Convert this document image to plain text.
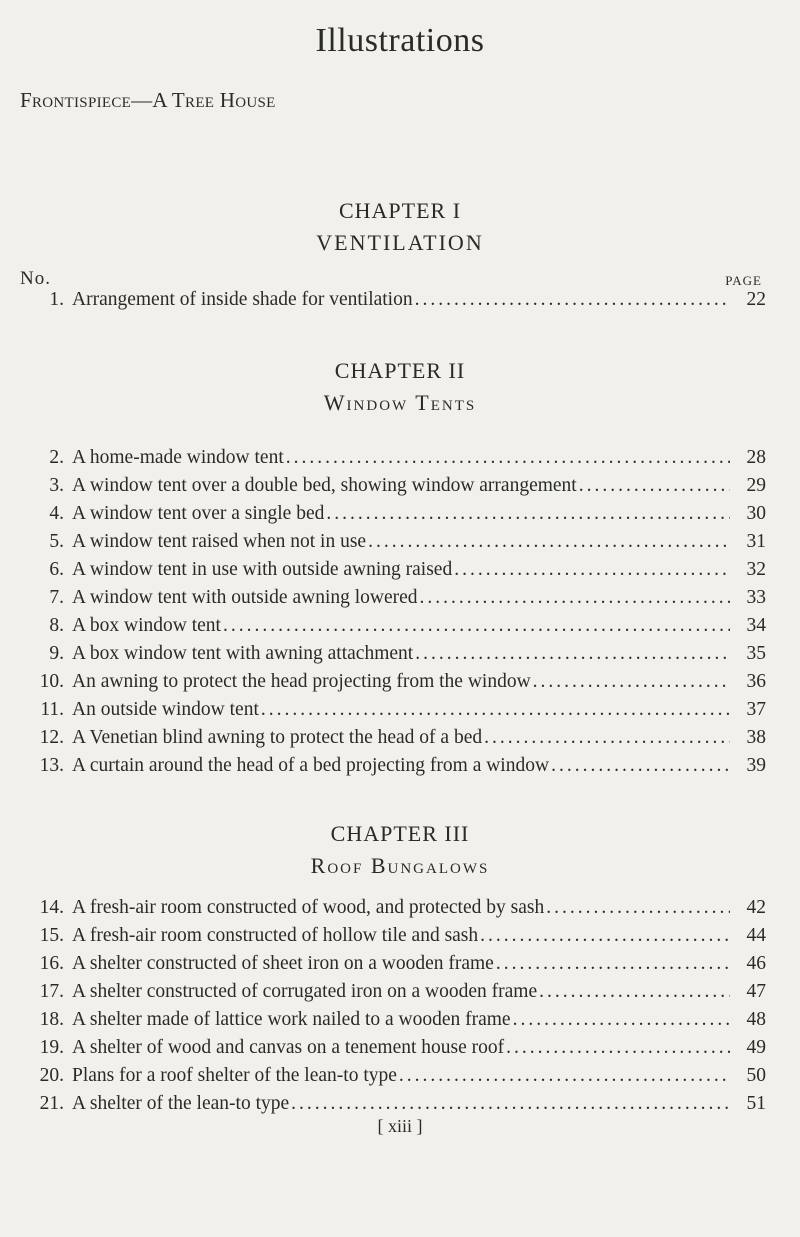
Illustrations
Frontispiece—A Tree House
CHAPTER I
VENTILATION
No.	PAGE
1. Arrangement of inside shade for ventilation .....	22
CHAPTER II
Window Tents
2. A home-made window tent .....	28
3. A window tent over a double bed, showing window arrangement .....	29
4. A window tent over a single bed .....	30
5. A window tent raised when not in use .....	31
6. A window tent in use with outside awning raised .....	32
7. A window tent with outside awning lowered .....	33
8. A box window tent .....	34
9. A box window tent with awning attachment .....	35
10. An awning to protect the head projecting from the window .....	36
11. An outside window tent .....	37
12. A Venetian blind awning to protect the head of a bed .....	38
13. A curtain around the head of a bed projecting from a window .....	39
CHAPTER III
Roof Bungalows
14. A fresh-air room constructed of wood, and protected by sash .....	42
15. A fresh-air room constructed of hollow tile and sash .....	44
16. A shelter constructed of sheet iron on a wooden frame .....	46
17. A shelter constructed of corrugated iron on a wooden frame .....	47
18. A shelter made of lattice work nailed to a wooden frame .....	48
19. A shelter of wood and canvas on a tenement house roof .....	49
20. Plans for a roof shelter of the lean-to type .....	50
21. A shelter of the lean-to type .....	51
[ xiii ]
